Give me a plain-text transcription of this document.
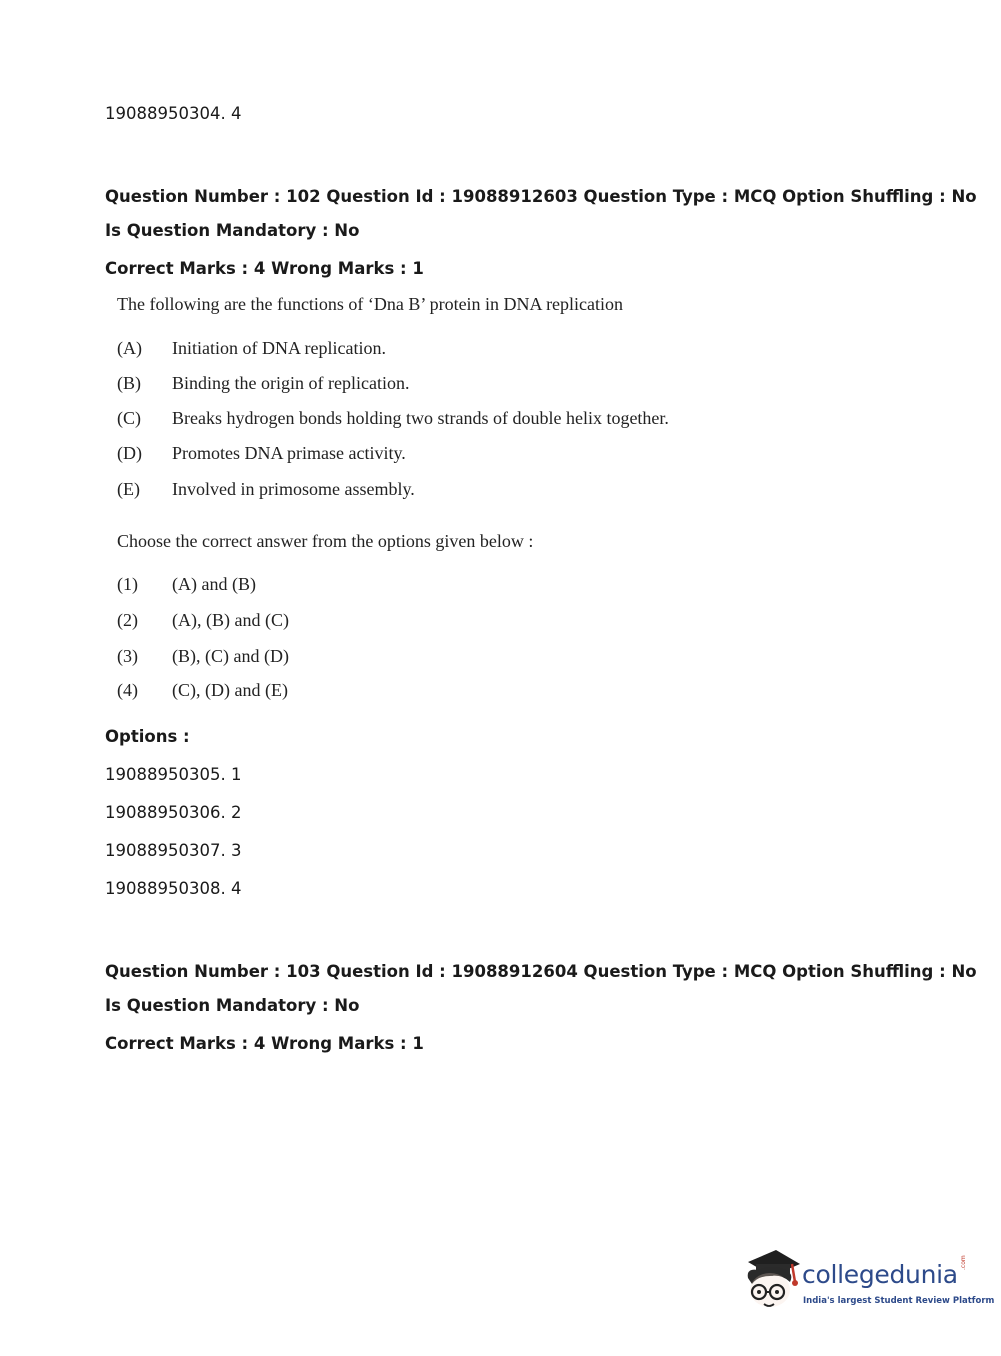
19088950304. 4
Question Number : 102 Question Id : 19088912603 Question Type : MCQ Option Shuffling : No
Is Question Mandatory : No
Correct Marks : 4 Wrong Marks : 1
The following are the functions of ‘Dna B’ protein in DNA replication
(A) Initiation of DNA replication.
(B) Binding the origin of replication.
(C) Breaks hydrogen bonds holding two strands of double helix together.
(D) Promotes DNA primase activity.
(E) Involved in primosome assembly.
Choose the correct answer from the options given below :
(1) (A) and (B)
(2) (A), (B) and (C)
(3) (B), (C) and (D)
(4) (C), (D) and (E)
Options :
19088950305. 1
19088950306. 2
19088950307. 3
19088950308. 4
Question Number : 103 Question Id : 19088912604 Question Type : MCQ Option Shuffling : No
Is Question Mandatory : No
Correct Marks : 4 Wrong Marks : 1
collegedunia .com
India's largest Student Review Platform
